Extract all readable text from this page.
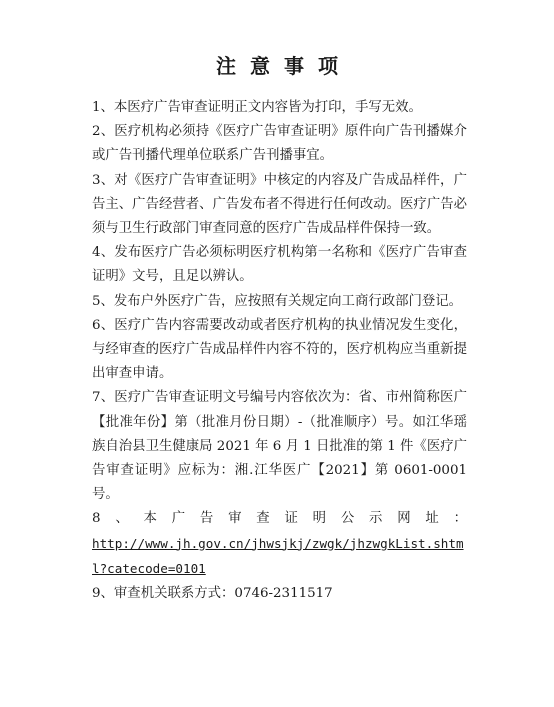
注意事项

1、本医疗广告审查证明正文内容皆为打印，手写无效。

2、医疗机构必须持《医疗广告审查证明》原件向广告刊播媒介或广告刊播代理单位联系广告刊播事宜。

3、对《医疗广告审查证明》中核定的内容及广告成品样件，广告主、广告经营者、广告发布者不得进行任何改动。医疗广告必须与卫生行政部门审查同意的医疗广告成品样件保持一致。

4、发布医疗广告必须标明医疗机构第一名称和《医疗广告审查证明》文号，且足以辨认。

5、发布户外医疗广告，应按照有关规定向工商行政部门登记。

6、医疗广告内容需要改动或者医疗机构的执业情况发生变化，与经审查的医疗广告成品样件内容不符的，医疗机构应当重新提出审查申请。

7、医疗广告审查证明文号编号内容依次为：省、市州简称医广【批准年份】第（批准月份日期）-（批准顺序）号。如江华瑶族自治县卫生健康局 2021 年 6 月 1 日批准的第 1 件《医疗广告审查证明》应标为：湘.江华医广【2021】第 0601-0001 号。

8、本广告审查证明公示网址：

http://www.jh.gov.cn/jhwsjkj/zwgk/jhzwgkList.shtml?catecode=0101

9、审查机关联系方式：0746-2311517
